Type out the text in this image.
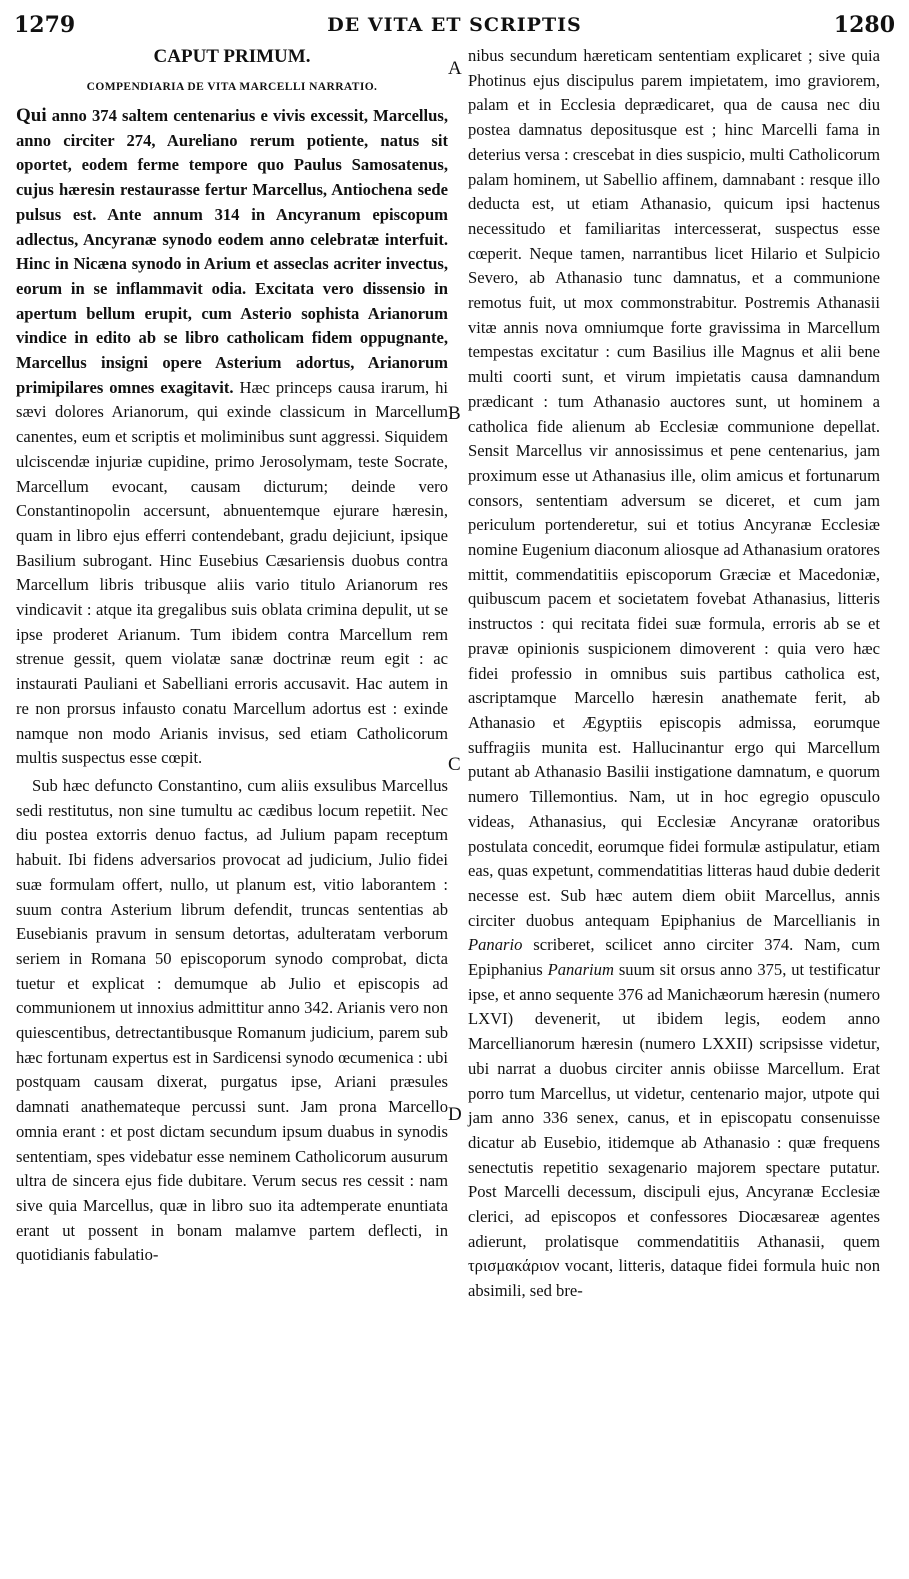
1279	DE VITA ET SCRIPTIS	1280
CAPUT PRIMUM.
COMPENDIARIA DE VITA MARCELLI NARRATIO.

Qui anno 374 saltem centenarius e vivis excessit, Marcellus, anno circiter 274, Aureliano rerum potiente, natus sit oportet, eodem ferme tempore quo Paulus Samosatenus, cujus hæresin restaurasse fertur Marcellus, Antiochena sede pulsus est. Ante annum 314 in Ancyranum episcopum adlectus, Ancyranæ synodo eodem anno celebratæ interfuit. Hinc in Nicæna synodo in Arium et asseclas acriter invectus, eorum in se inflammavit odia. Excitata vero dissensio in apertum bellum erupit, cum Asterio sophista Arianorum vindice in edito ab se libro catholicam fidem oppugnante, Marcellus insigni opere Asterium adortus, Arianorum primipilares omnes exagitavit. Hæc princeps causa irarum, hi sævi dolores Arianorum, qui exinde classicum in Marcellum canentes, eum et scriptis et moliminibus sunt aggressi. Siquidem ulciscendæ injuriæ cupidine, primo Jerosolymam, teste Socrate, Marcellum evocant, causam dicturum; deinde vero Constantinopolin accersunt, abnuentemque ejurare hæresin, quam in libro ejus efferri contendebant, gradu dejiciunt, ipsique Basilium subrogant. Hinc Eusebius Cæsariensis duobus contra Marcellum libris tribusque aliis vario titulo Arianorum res vindicavit : atque ita gregalibus suis oblata crimina depulit, ut se ipse proderet Arianum. Tum ibidem contra Marcellum rem strenue gessit, quem violatæ sanæ doctrinæ reum egit : ac instaurati Pauliani et Sabelliani erroris accusavit. Hac autem in re non prorsus infausto conatu Marcellum adortus est : exinde namque non modo Arianis invisus, sed etiam Catholicorum multis suspectus esse cœpit.

Sub hæc defuncto Constantino, cum aliis exsulibus Marcellus sedi restitutus, non sine tumultu ac cædibus locum repetiit. Nec diu postea extorris denuo factus, ad Julium papam receptum habuit. Ibi fidens adversarios provocat ad judicium, Julio fidei suæ formulam offert, nullo, ut planum est, vitio laborantem : suum contra Asterium librum defendit, truncas sententias ab Eusebianis pravum in sensum detortas, adulteratam verborum seriem in Romana 50 episcoporum synodo comprobat, dicta tuetur et explicat : demumque ab Julio et episcopis ad communionem ut innoxius admittitur anno 342. Arianis vero non quiescentibus, detrectantibusque Romanum judicium, parem sub hæc fortunam expertus est in Sardicensi synodo œcumenica : ubi postquam causam dixerat, purgatus ipse, Ariani præsules damnati anathemateque percussi sunt. Jam prona Marcello omnia erant : et post dictam secundum ipsum duabus in synodis sententiam, spes videbatur esse neminem Catholicorum ausurum ultra de sincera ejus fide dubitare. Verum secus res cessit : nam sive quia Marcellus, quæ in libro suo ita adtemperate enuntiata erant ut possent in bonam malamve partem deflecti, in quotidianis fabulatio-

A
B
C
D

nibus secundum hæreticam sententiam explicaret ; sive quia Photinus ejus discipulus parem impietatem, imo graviorem, palam et in Ecclesia deprædicaret, qua de causa nec diu postea damnatus depositusque est ; hinc Marcelli fama in deterius versa : crescebat in dies suspicio, multi Catholicorum palam hominem, ut Sabellio affinem, damnabant : resque illo deducta est, ut etiam Athanasio, quicum ipsi hactenus necessitudo et familiaritas intercesserat, suspectus esse cœperit. Neque tamen, narrantibus licet Hilario et Sulpicio Severo, ab Athanasio tunc damnatus, et a communione remotus fuit, ut mox commonstrabitur. Postremis Athanasii vitæ annis nova omniumque forte gravissima in Marcellum tempestas excitatur : cum Basilius ille Magnus et alii bene multi coorti sunt, et virum impietatis causa damnandum prædicant : tum Athanasio auctores sunt, ut hominem a catholica fide alienum ab Ecclesiæ communione depellat. Sensit Marcellus vir annosissimus et pene centenarius, jam proximum esse ut Athanasius ille, olim amicus et fortunarum consors, sententiam adversum se diceret, et cum jam periculum portenderetur, sui et totius Ancyranæ Ecclesiæ nomine Eugenium diaconum aliosque ad Athanasium oratores mittit, commendatitiis episcoporum Græciæ et Macedoniæ, quibuscum pacem et societatem fovebat Athanasius, litteris instructos : qui recitata fidei suæ formula, erroris ab se et pravæ opinionis suspicionem dimoverent : quia vero hæc fidei professio in omnibus suis partibus catholica est, ascriptamque Marcello hæresin anathemate ferit, ab Athanasio et Ægyptiis episcopis admissa, eorumque suffragiis munita est. Hallucinantur ergo qui Marcellum putant ab Athanasio Basilii instigatione damnatum, e quorum numero Tillemontius. Nam, ut in hoc egregio opusculo videas, Athanasius, qui Ecclesiæ Ancyranæ oratoribus postulata concedit, eorumque fidei formulæ astipulatur, etiam eas, quas expetunt, commendatitias litteras haud dubie dederit necesse est. Sub hæc autem diem obiit Marcellus, annis circiter duobus antequam Epiphanius de Marcellianis in Panario scriberet, scilicet anno circiter 374. Nam, cum Epiphanius Panarium suum sit orsus anno 375, ut testificatur ipse, et anno sequente 376 ad Manichæorum hæresin (numero LXVI) devenerit, ut ibidem legis, eodem anno Marcellianorum hæresin (numero LXXII) scripsisse videtur, ubi narrat a duobus circiter annis obiisse Marcellum. Erat porro tum Marcellus, ut videtur, centenario major, utpote qui jam anno 336 senex, canus, et in episcopatu consenuisse dicatur ab Eusebio, itidemque ab Athanasio : quæ frequens senectutis repetitio sexagenario majorem spectare putatur. Post Marcelli decessum, discipuli ejus, Ancyranæ Ecclesiæ clerici, ad episcopos et confessores Diocæsareæ agentes adierunt, prolatisque commendatitiis Athanasii, quem τρισμακάριον vocant, litteris, dataque fidei formula huic non absimili, sed bre-
